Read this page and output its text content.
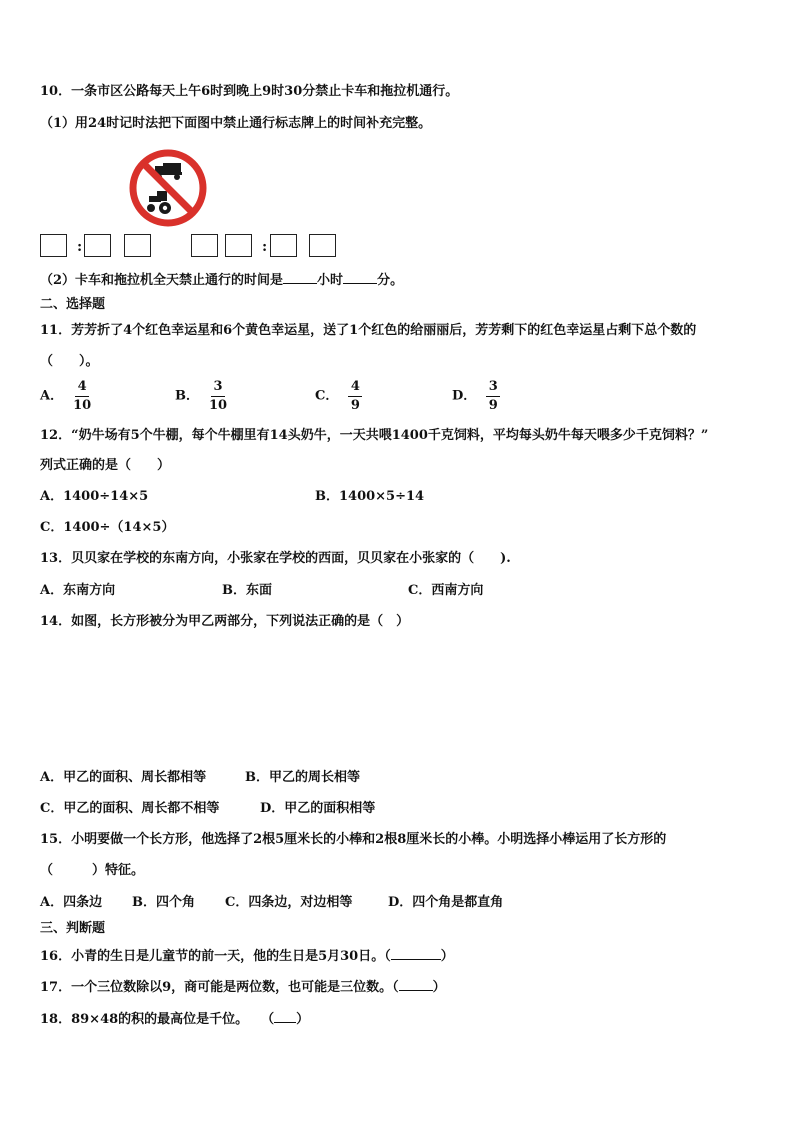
10．一条市区公路每天上午6时到晚上9时30分禁止卡车和拖拉机通行。
（1）用24时记时法把下面图中禁止通行标志牌上的时间补充完整。
:	:
（2）卡车和拖拉机全天禁止通行的时间是	小时	分。
二、选择题
11．芳芳折了4个红色幸运星和6个黄色幸运星，送了1个红色的给丽丽后，芳芳剩下的红色幸运星占剩下总个数的
（　　）。
A． $\frac{4}{10}$	B． $\frac{3}{10}$	C． $\frac{4}{9}$	D． $\frac{3}{9}$
12．“奶牛场有5个牛棚，每个牛棚里有14头奶牛，一天共喂1400千克饲料，平均每头奶牛每天喂多少千克饲料？”
列式正确的是（　　）
A．1400÷14×5	B．1400×5÷14
C．1400÷（14×5）
13．贝贝家在学校的东南方向，小张家在学校的西面，贝贝家在小张家的（　　).
A．东南方向	B．东面	C．西南方向
14．如图，长方形被分为甲乙两部分，下列说法正确的是（　）
A．甲乙的面积、周长都相等	B．甲乙的周长相等
C．甲乙的面积、周长都不相等	D．甲乙的面积相等
15．小明要做一个长方形，他选择了2根5厘米长的小棒和2根8厘米长的小棒。小明选择小棒运用了长方形的
（　　　）特征。
A．四条边 B．四个角 C．四条边，对边相等	D．四个角是都直角
三、判断题
16．小青的生日是儿童节的前一天，他的生日是5月30日。（	）
17．一个三位数除以9，商可能是两位数，也可能是三位数。（	）
18．89×48的积的最高位是千位。　　（ ）
